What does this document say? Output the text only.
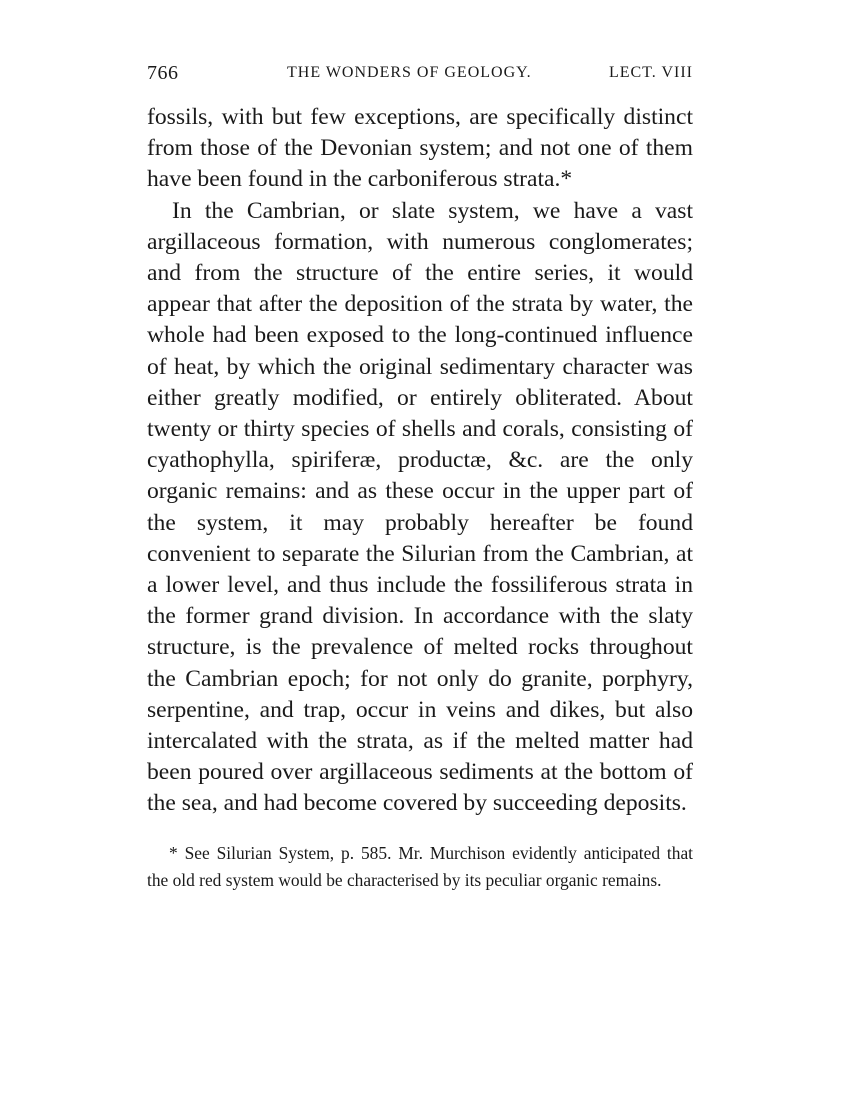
766	THE WONDERS OF GEOLOGY.	LECT. VIII

fossils, with but few exceptions, are specifically distinct from those of the Devonian system; and not one of them have been found in the carboniferous strata.*

In the Cambrian, or slate system, we have a vast argillaceous formation, with numerous conglomerates; and from the structure of the entire series, it would appear that after the deposition of the strata by water, the whole had been exposed to the long-continued influence of heat, by which the original sedimentary character was either greatly modified, or entirely obliterated. About twenty or thirty species of shells and corals, consisting of cyathophylla, spiriferæ, productæ, &c. are the only organic remains: and as these occur in the upper part of the system, it may probably hereafter be found convenient to separate the Silurian from the Cambrian, at a lower level, and thus include the fossiliferous strata in the former grand division. In accordance with the slaty structure, is the prevalence of melted rocks throughout the Cambrian epoch; for not only do granite, porphyry, serpentine, and trap, occur in veins and dikes, but also intercalated with the strata, as if the melted matter had been poured over argillaceous sediments at the bottom of the sea, and had become covered by succeeding deposits.

* See Silurian System, p. 585. Mr. Murchison evidently anticipated that the old red system would be characterised by its peculiar organic remains.
